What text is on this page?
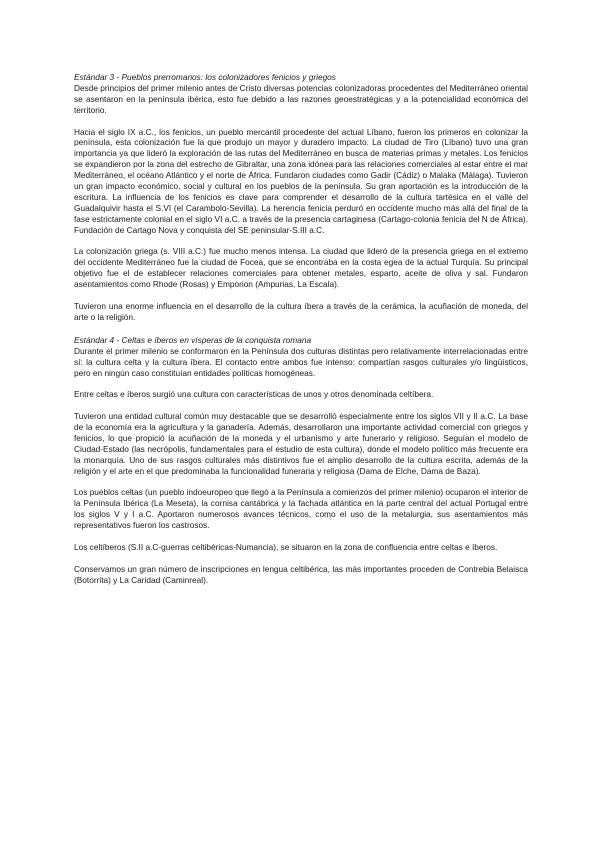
Estándar 3 - Pueblos prerromanos: los colonizadores fenicios y griegos

Desde principios del primer milenio antes de Cristo diversas potencias colonizadoras procedentes del Mediterráneo oriental se asentaron en la península ibérica, esto fue debido a las razones geoestratégicas y a la potencialidad económica del territorio.

Hacia el siglo IX a.C., los fenicios, un pueblo mercantil procedente del actual Líbano, fueron los primeros en colonizar la península, esta colonización fue la que produjo un mayor y duradero impacto. La ciudad de Tiro (Líbano) tuvo una gran importancia ya que lideró la exploración de las rutas del Mediterráneo en busca de materias primas y metales. Los fenicios se expandieron por la zona del estrecho de Gibraltar, una zona idónea para las relaciones comerciales al estar entre el mar Mediterráneo, el océano Atlántico y el norte de África. Fundaron ciudades como Gadir (Cádiz) o Malaka (Málaga). Tuvieron un gran impacto económico, social y cultural en los pueblos de la península. Su gran aportación es la introducción de la escritura. La influencia de los fenicios es clave para comprender el desarrollo de la cultura tartésica en el valle del Guadalquivir hasta el S.VI (el Carambolo-Sevilla). La herencia fenicia perduró en occidente mucho más allá del final de la fase estrictamente colonial en el siglo VI a.C. a través de la presencia cartaginesa (Cartago-colonia fenicia del N de África). Fundación de Cartago Nova y conquista del SE peninsular-S.III a.C.

La colonización griega (s. VIII a.C.) fue mucho menos intensa. La ciudad que lideró de la presencia griega en el extremo del occidente Mediterráneo fue la ciudad de Focea, que se encontraba en la costa egea de la actual Turquía. Su principal objetivo fue el de establecer relaciones comerciales para obtener metales, esparto, aceite de oliva y sal. Fundaron asentamientos como Rhode (Rosas) y Emporion (Ampurias, La Escala).

Tuvieron una enorme influencia en el desarrollo de la cultura íbera a través de la cerámica, la acuñación de moneda, del arte o la religión.

Estándar 4 - Celtas e íberos en vísperas de la conquista romana

Durante el primer milenio se conformaron en la Península dos culturas distintas pero relativamente interrelacionadas entre sí: la cultura celta y la cultura íbera. El contacto entre ambos fue intenso: compartían rasgos culturales y/o lingüísticos, pero en ningún caso constituían entidades políticas homogéneas.

Entre celtas e íberos surgió una cultura con características de unos y otros denominada celtíbera.

Tuvieron una entidad cultural común muy destacable que se desarrolló especialmente entre los siglos VII y II a.C. La base de la economía era la agricultura y la ganadería. Además, desarrollaron una importante actividad comercial con griegos y fenicios, lo que propició la acuñación de la moneda y el urbanismo y arte funerario y religioso. Seguían el modelo de Ciudad-Estado (las necrópolis, fundamentales para el estudio de esta cultura), donde el modelo político más frecuente era la monarquía. Uno de sus rasgos culturales más distintivos fue el amplio desarrollo de la cultura escrita, además de la religión y el arte en el que predominaba la funcionalidad funeraria y religiosa (Dama de Elche, Dama de Baza).

Los pueblos celtas (un pueblo indoeuropeo que llegó a la Península a comienzos del primer milenio) ocuparon el interior de la Península Ibérica (La Meseta), la cornisa cantábrica y la fachada atlántica en la parte central del actual Portugal entre los siglos V y I a.C. Aportaron numerosos avances técnicos, como el uso de la metalurgia, sus asentamientos más representativos fueron los castrosos.

Los celtíberos (S.II a.C-guerras celtibéricas-Numancia), se situaron en la zona de confluencia entre celtas e íberos.

Conservamos un gran número de inscripciones en lengua celtibérica, las más importantes proceden de Contrebia Belaisca (Botorrita) y La Caridad (Caminreal).
